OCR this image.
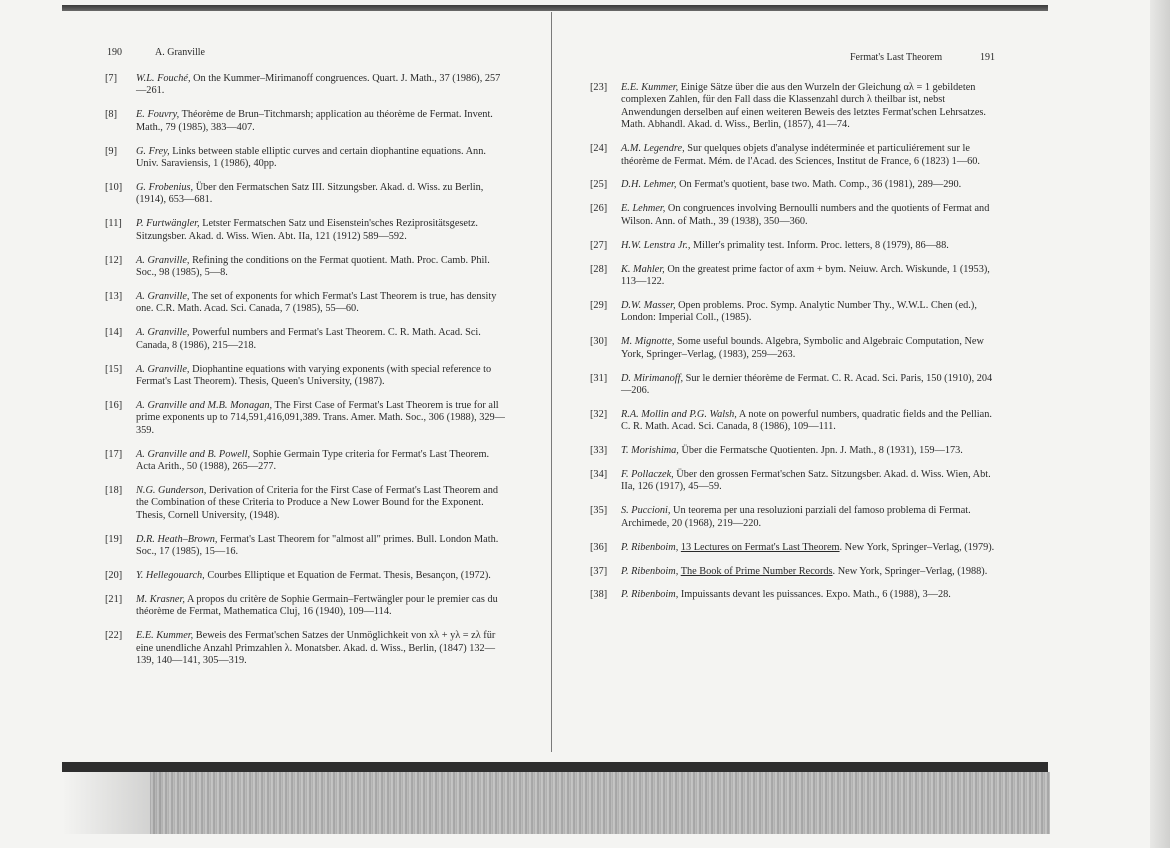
190	A. Granville
[7] W.L. Fouché, On the Kummer–Mirimanoff congruences. Quart. J. Math., 37 (1986), 257—261.
[8] E. Fouvry, Théorème de Brun–Titchmarsh; application au théorème de Fermat. Invent. Math., 79 (1985), 383—407.
[9] G. Frey, Links between stable elliptic curves and certain diophantine equations. Ann. Univ. Saraviensis, 1 (1986), 40pp.
[10] G. Frobenius, Über den Fermatschen Satz III. Sitzungsber. Akad. d. Wiss. zu Berlin, (1914), 653—681.
[11] P. Furtwängler, Letster Fermatschen Satz und Eisenstein'sches Reziprositätsgesetz. Sitzungsber. Akad. d. Wiss. Wien. Abt. IIa, 121 (1912) 589—592.
[12] A. Granville, Refining the conditions on the Fermat quotient. Math. Proc. Camb. Phil. Soc., 98 (1985), 5—8.
[13] A. Granville, The set of exponents for which Fermat's Last Theorem is true, has density one. C.R. Math. Acad. Sci. Canada, 7 (1985), 55—60.
[14] A. Granville, Powerful numbers and Fermat's Last Theorem. C. R. Math. Acad. Sci. Canada, 8 (1986), 215—218.
[15] A. Granville, Diophantine equations with varying exponents (with special reference to Fermat's Last Theorem). Thesis, Queen's University, (1987).
[16] A. Granville and M.B. Monagan, The First Case of Fermat's Last Theorem is true for all prime exponents up to 714,591,416,091,389. Trans. Amer. Math. Soc., 306 (1988), 329—359.
[17] A. Granville and B. Powell, Sophie Germain Type criteria for Fermat's Last Theorem. Acta Arith., 50 (1988), 265—277.
[18] N.G. Gunderson, Derivation of Criteria for the First Case of Fermat's Last Theorem and the Combination of these Criteria to Produce a New Lower Bound for the Exponent. Thesis, Cornell University, (1948).
[19] D.R. Heath–Brown, Fermat's Last Theorem for "almost all" primes. Bull. London Math. Soc., 17 (1985), 15—16.
[20] Y. Hellegouarch, Courbes Elliptique et Equation de Fermat. Thesis, Besançon, (1972).
[21] M. Krasner, A propos du critère de Sophie Germain–Fertwängler pour le premier cas du théorème de Fermat, Mathematica Cluj, 16 (1940), 109—114.
[22] E.E. Kummer, Beweis des Fermat'schen Satzes der Unmöglichkeit von xλ + yλ = zλ für eine unendliche Anzahl Primzahlen λ. Monatsber. Akad. d. Wiss., Berlin, (1847) 132—139, 140—141, 305—319.
Fermat's Last Theorem	191
[23] E.E. Kummer, Einige Sätze über die aus den Wurzeln der Gleichung αλ = 1 gebildeten complexen Zahlen, für den Fall dass die Klassenzahl durch λ theilbar ist, nebst Anwendungen derselben auf einen weiteren Beweis des letztes Fermat'schen Lehrsatzes. Math. Abhandl. Akad. d. Wiss., Berlin, (1857), 41—74.
[24] A.M. Legendre, Sur quelques objets d'analyse indéterminée et particuliérement sur le théorème de Fermat. Mém. de l'Acad. des Sciences, Institut de France, 6 (1823) 1—60.
[25] D.H. Lehmer, On Fermat's quotient, base two. Math. Comp., 36 (1981), 289—290.
[26] E. Lehmer, On congruences involving Bernoulli numbers and the quotients of Fermat and Wilson. Ann. of Math., 39 (1938), 350—360.
[27] H.W. Lenstra Jr., Miller's primality test. Inform. Proc. letters, 8 (1979), 86—88.
[28] K. Mahler, On the greatest prime factor of axm + bym. Neiuw. Arch. Wiskunde, 1 (1953), 113—122.
[29] D.W. Masser, Open problems. Proc. Symp. Analytic Number Thy., W.W.L. Chen (ed.), London: Imperial Coll., (1985).
[30] M. Mignotte, Some useful bounds. Algebra, Symbolic and Algebraic Computation, New York, Springer–Verlag, (1983), 259—263.
[31] D. Mirimanoff, Sur le dernier théorème de Fermat. C. R. Acad. Sci. Paris, 150 (1910), 204—206.
[32] R.A. Mollin and P.G. Walsh, A note on powerful numbers, quadratic fields and the Pellian. C. R. Math. Acad. Sci. Canada, 8 (1986), 109—111.
[33] T. Morishima, Über die Fermatsche Quotienten. Jpn. J. Math., 8 (1931), 159—173.
[34] F. Pollaczek, Über den grossen Fermat'schen Satz. Sitzungsber. Akad. d. Wiss. Wien, Abt. IIa, 126 (1917), 45—59.
[35] S. Puccioni, Un teorema per una resoluzioni parziali del famoso problema di Fermat. Archimede, 20 (1968), 219—220.
[36] P. Ribenboim, 13 Lectures on Fermat's Last Theorem. New York, Springer–Verlag, (1979).
[37] P. Ribenboim, The Book of Prime Number Records. New York, Springer–Verlag, (1988).
[38] P. Ribenboim, Impuissants devant les puissances. Expo. Math., 6 (1988), 3—28.
